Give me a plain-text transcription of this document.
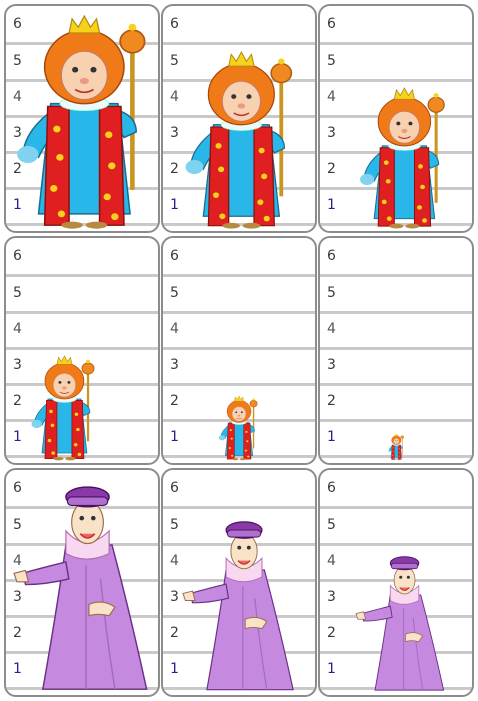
6
5
4
3
2
1
6
5
4
3
2
1
6
5
4
3
2
1
6
5
4
3
2
1
6
5
4
3
2
1
6
5
4
3
2
1
6
5
4
3
2
1
6
5
4
3
2
1
6
5
4
3
2
1
